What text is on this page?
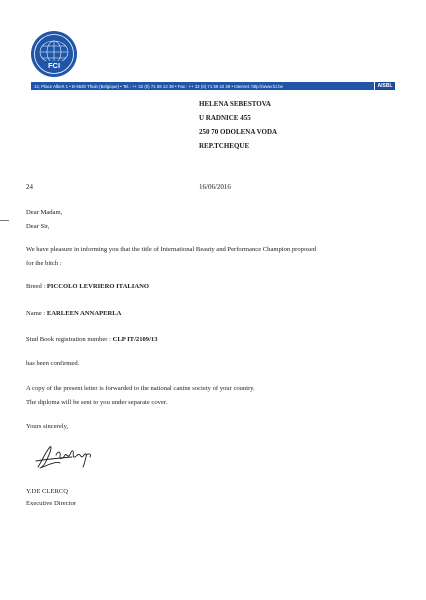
FCI
13, Place Albert 1 • B-6530 Thuin (Belgique) • Tel.: ++ 32 (0) 71 59 12 38 • Fax : ++ 32 (0) 71 59 22 29 • Internet: http://www.fci.be	AISBL
HELENA SEBESTOVA
U RADNICE 455
250 70 ODOLENA VODA
REP.TCHEQUE
24	16/06/2016
Dear Madam,
Dear Sir,
We have pleasure in informing you that the title of International Beauty and Performance Champion proposed
for the bitch :
Breed : PICCOLO LEVRIERO ITALIANO
Name : EARLEEN ANNAPERLA
Stud Book registration number : CLP IT/2109/13
has been confirmed.
A copy of the present letter is forwarded to the national canine society of your country.
The diploma will be sent to you under separate cover.
Yours sincerely,
Y.DE CLERCQ
Executive Director
